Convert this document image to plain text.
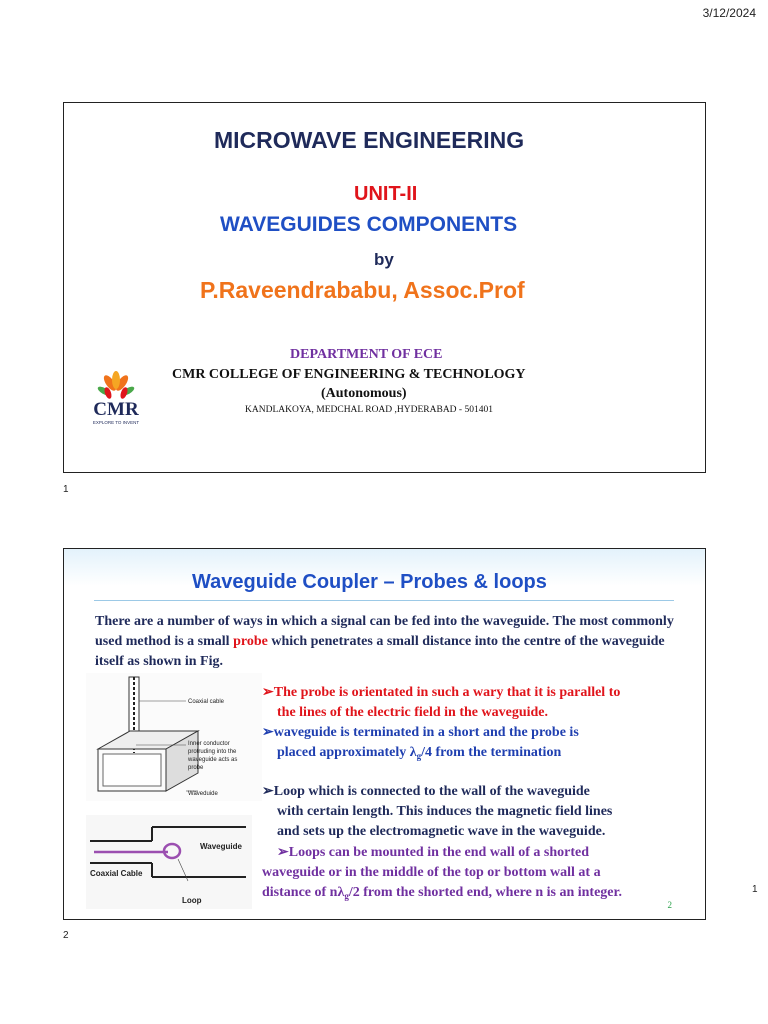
3/12/2024
MICROWAVE ENGINEERING
UNIT-II
WAVEGUIDES COMPONENTS
by
P.Raveendrababu, Assoc.Prof
CMR
EXPLORE TO INVENT
DEPARTMENT OF ECE
CMR COLLEGE OF ENGINEERING & TECHNOLOGY
(Autonomous)
KANDLAKOYA, MEDCHAL ROAD ,HYDERABAD - 501401
1
Waveguide Coupler – Probes & loops
There are a number of ways in which a signal can be fed into the waveguide. The most commonly used method is a small probe which penetrates a small distance into the centre of the waveguide itself as shown in Fig.
Coaxial cable
Inner conductor
protruding into the
waveguide acts as
probe
Waveduide
Waveguide
Coaxial Cable
Loop
➢The probe is orientated in such a wary that it is parallel to
the lines of the electric field in the waveguide.
➢waveguide is terminated in a short and the probe is
placed approximately $\lambda_g/4$ from the termination
➢Loop which is connected to the wall of the waveguide
with certain length. This induces the magnetic field lines
and sets up the electromagnetic wave in the waveguide.
➢Loops can be mounted in the end wall of a shorted
waveguide or in the middle of the top or bottom wall at a
distance of $n\lambda_g/2$ from the shorted end, where n is an integer.
2
1
2
